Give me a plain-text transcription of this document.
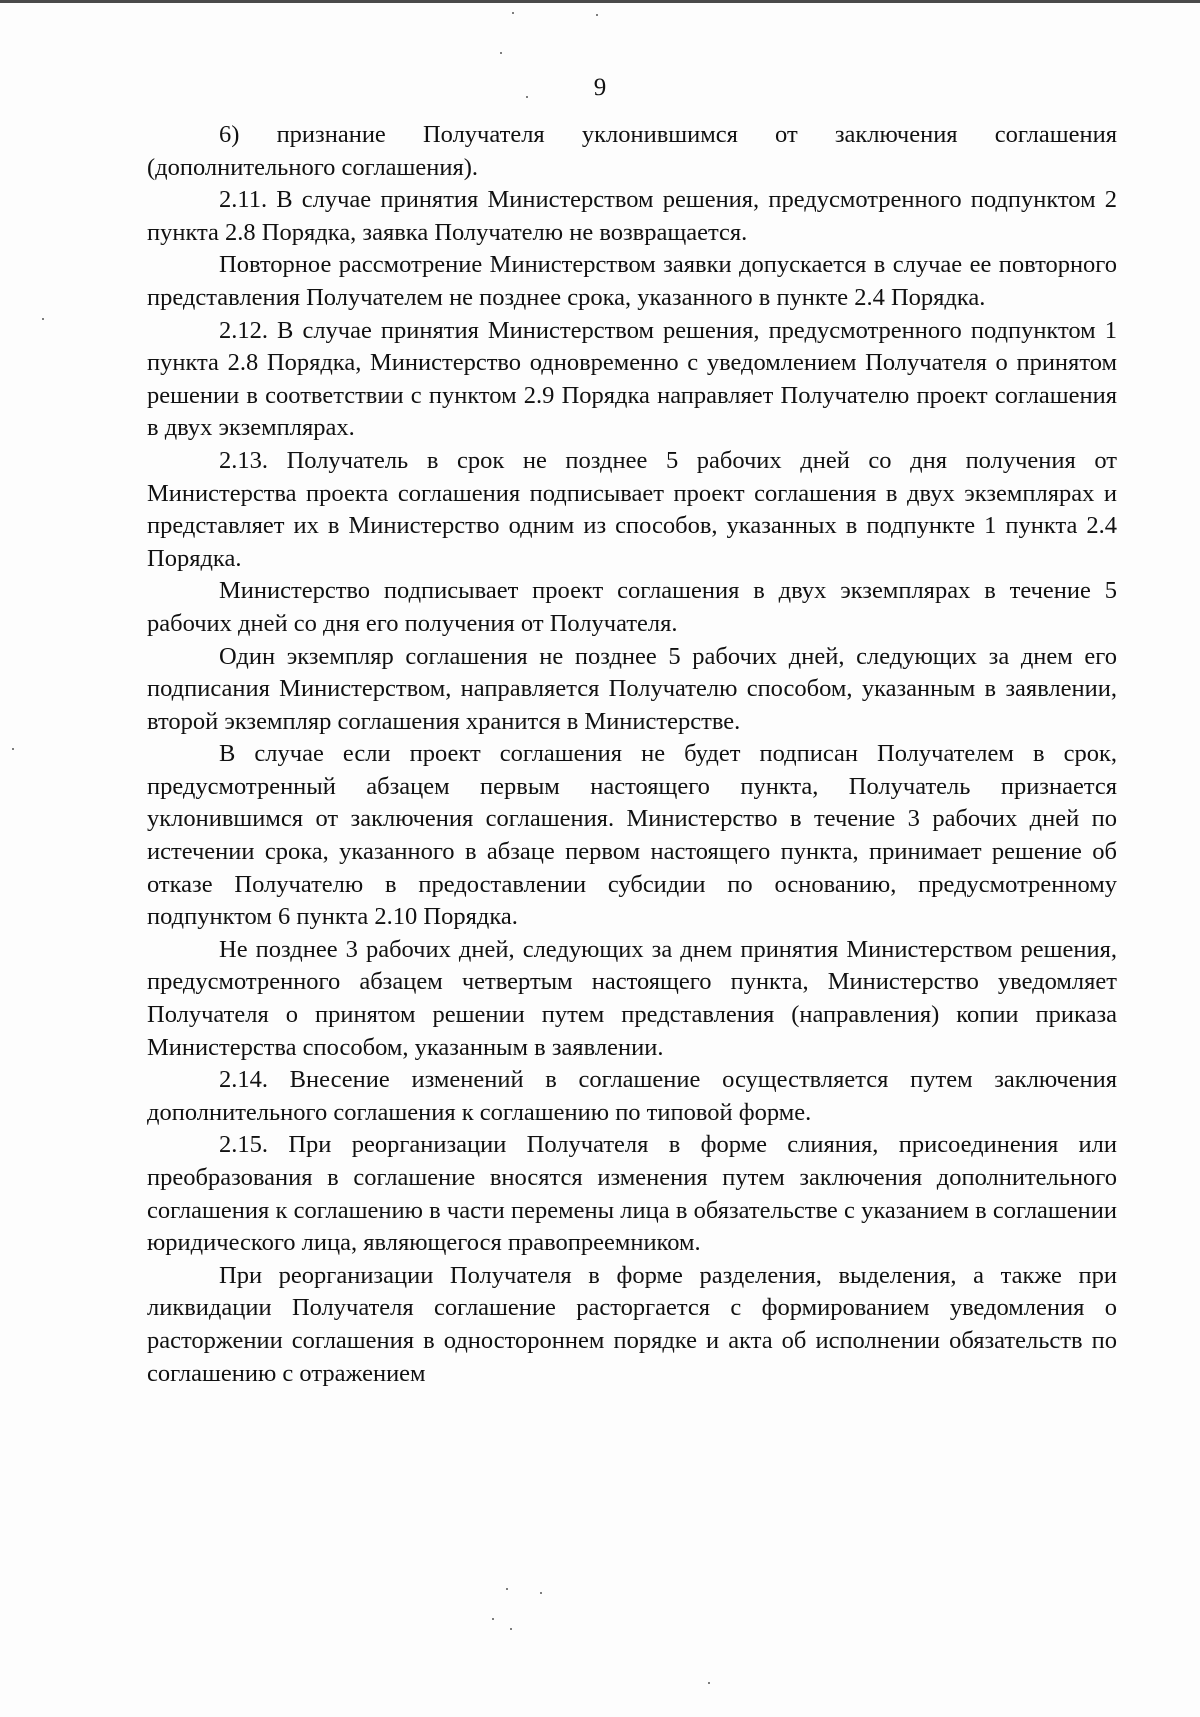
9

6) признание Получателя уклонившимся от заключения соглашения (дополнительного соглашения).

2.11. В случае принятия Министерством решения, предусмотренного подпунктом 2 пункта 2.8 Порядка, заявка Получателю не возвращается.

Повторное рассмотрение Министерством заявки допускается в случае ее повторного представления Получателем не позднее срока, указанного в пункте 2.4 Порядка.

2.12. В случае принятия Министерством решения, предусмотренного подпунктом 1 пункта 2.8 Порядка, Министерство одновременно с уведомлением Получателя о принятом решении в соответствии с пунктом 2.9 Порядка направляет Получателю проект соглашения в двух экземплярах.

2.13. Получатель в срок не позднее 5 рабочих дней со дня получения от Министерства проекта соглашения подписывает проект соглашения в двух экземплярах и представляет их в Министерство одним из способов, указанных в подпункте 1 пункта 2.4 Порядка.

Министерство подписывает проект соглашения в двух экземплярах в течение 5 рабочих дней со дня его получения от Получателя.

Один экземпляр соглашения не позднее 5 рабочих дней, следующих за днем его подписания Министерством, направляется Получателю способом, указанным в заявлении, второй экземпляр соглашения хранится в Министерстве.

В случае если проект соглашения не будет подписан Получателем в срок, предусмотренный абзацем первым настоящего пункта, Получатель признается уклонившимся от заключения соглашения. Министерство в течение 3 рабочих дней по истечении срока, указанного в абзаце первом настоящего пункта, принимает решение об отказе Получателю в предоставлении субсидии по основанию, предусмотренному подпунктом 6 пункта 2.10 Порядка.

Не позднее 3 рабочих дней, следующих за днем принятия Министерством решения, предусмотренного абзацем четвертым настоящего пункта, Министерство уведомляет Получателя о принятом решении путем представления (направления) копии приказа Министерства способом, указанным в заявлении.

2.14. Внесение изменений в соглашение осуществляется путем заключения дополнительного соглашения к соглашению по типовой форме.

2.15. При реорганизации Получателя в форме слияния, присоединения или преобразования в соглашение вносятся изменения путем заключения дополнительного соглашения к соглашению в части перемены лица в обязательстве с указанием в соглашении юридического лица, являющегося правопреемником.

При реорганизации Получателя в форме разделения, выделения, а также при ликвидации Получателя соглашение расторгается с формированием уведомления о расторжении соглашения в одностороннем порядке и акта об исполнении обязательств по соглашению с отражением
